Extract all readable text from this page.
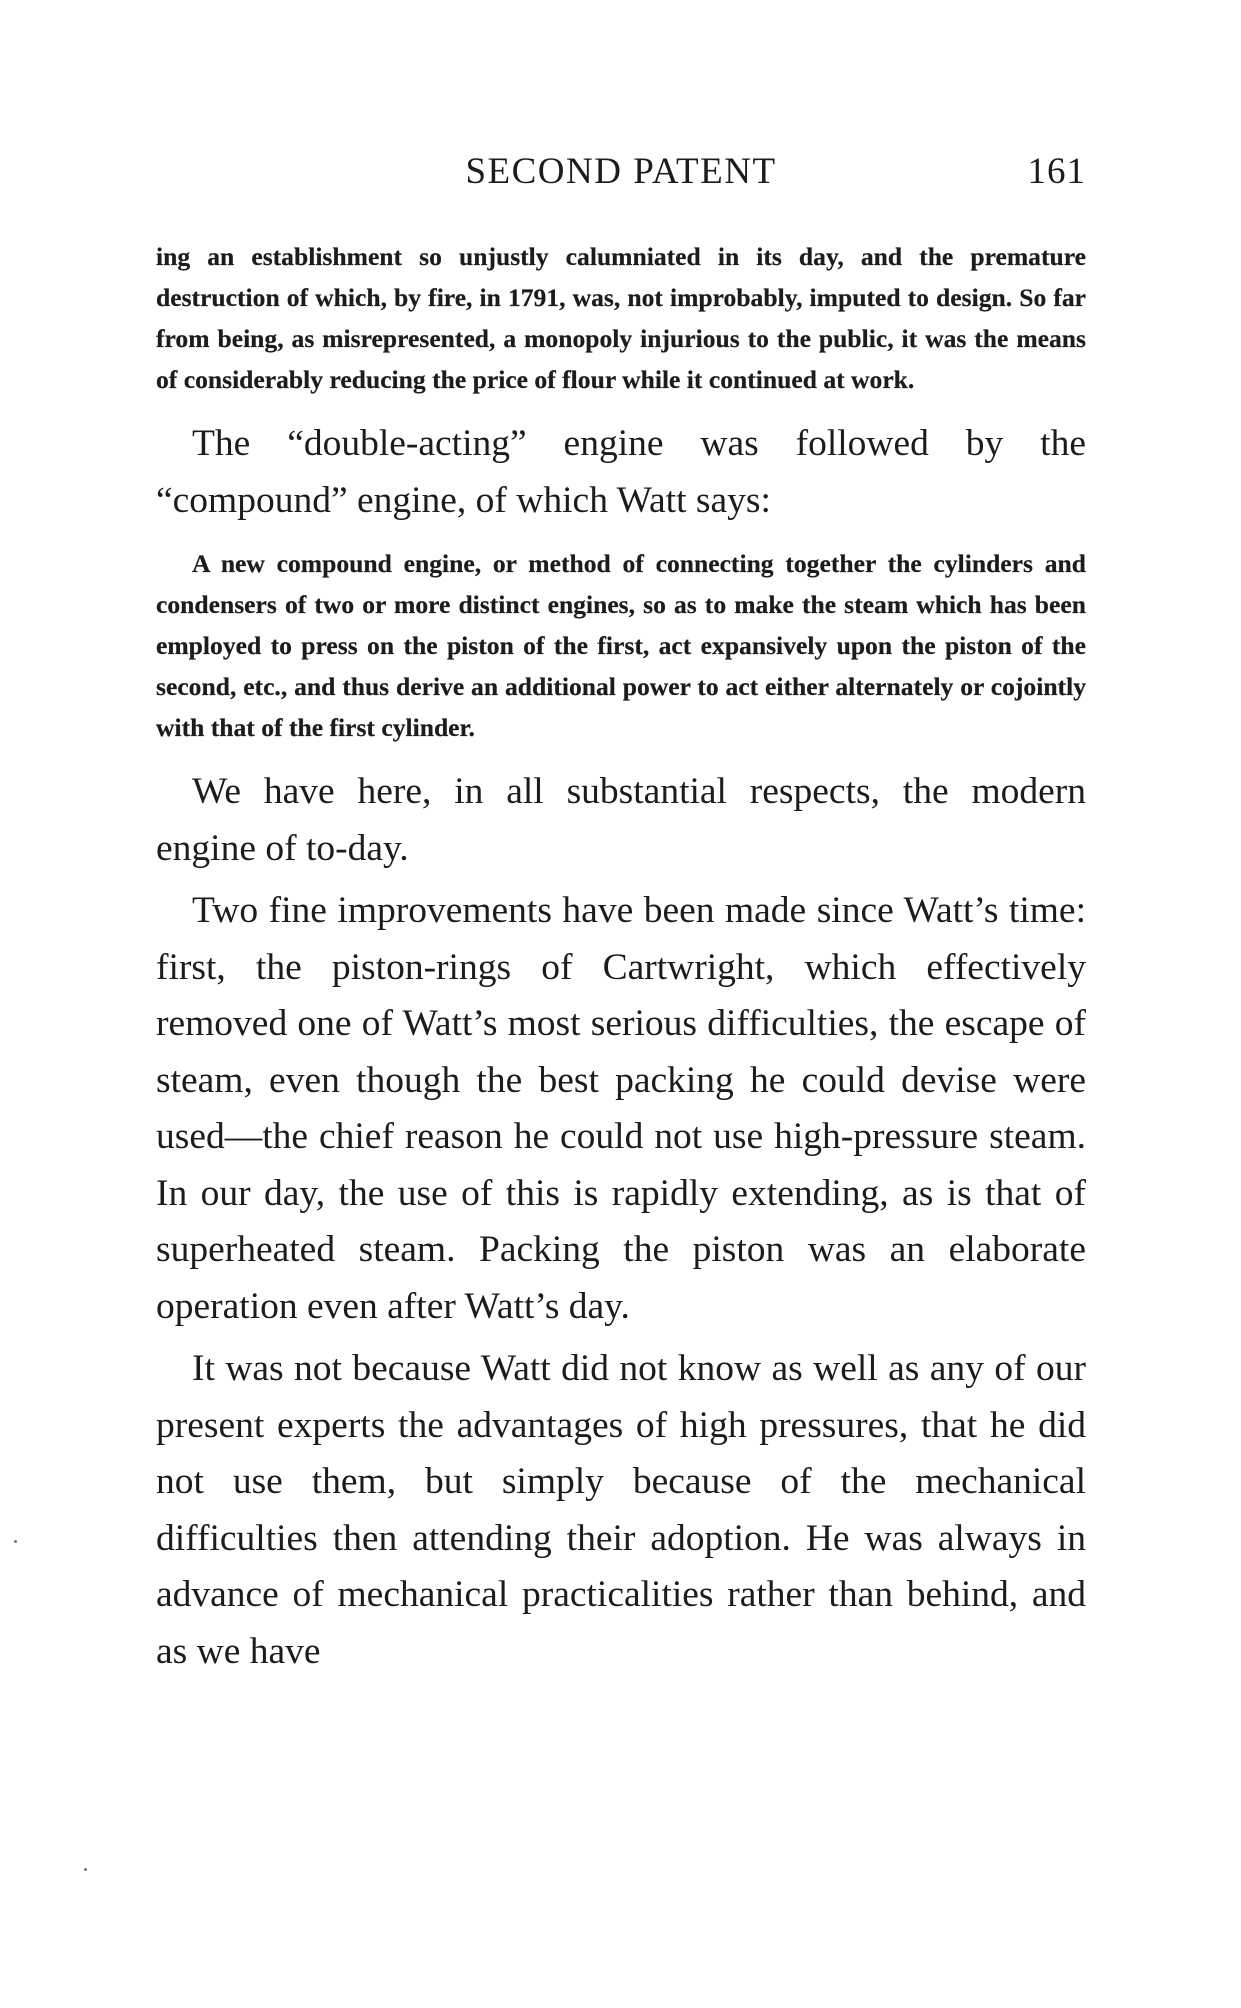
SECOND PATENT	161

ing an establishment so unjustly calumniated in its day, and the premature destruction of which, by fire, in 1791, was, not improbably, imputed to design. So far from being, as misrepresented, a monopoly injurious to the public, it was the means of considerably reducing the price of flour while it continued at work.

The “double-acting” engine was followed by the “compound” engine, of which Watt says:

A new compound engine, or method of connecting together the cylinders and condensers of two or more distinct engines, so as to make the steam which has been employed to press on the piston of the first, act expansively upon the piston of the second, etc., and thus derive an additional power to act either alternately or cojointly with that of the first cylinder.

We have here, in all substantial respects, the modern engine of to-day.

Two fine improvements have been made since Watt’s time: first, the piston-rings of Cartwright, which effectively removed one of Watt’s most serious difficulties, the escape of steam, even though the best packing he could devise were used—the chief reason he could not use high-pressure steam. In our day, the use of this is rapidly extending, as is that of superheated steam. Packing the piston was an elaborate operation even after Watt’s day.

It was not because Watt did not know as well as any of our present experts the advantages of high pressures, that he did not use them, but simply because of the mechanical difficulties then attending their adoption. He was always in advance of mechanical practicalities rather than behind, and as we have
